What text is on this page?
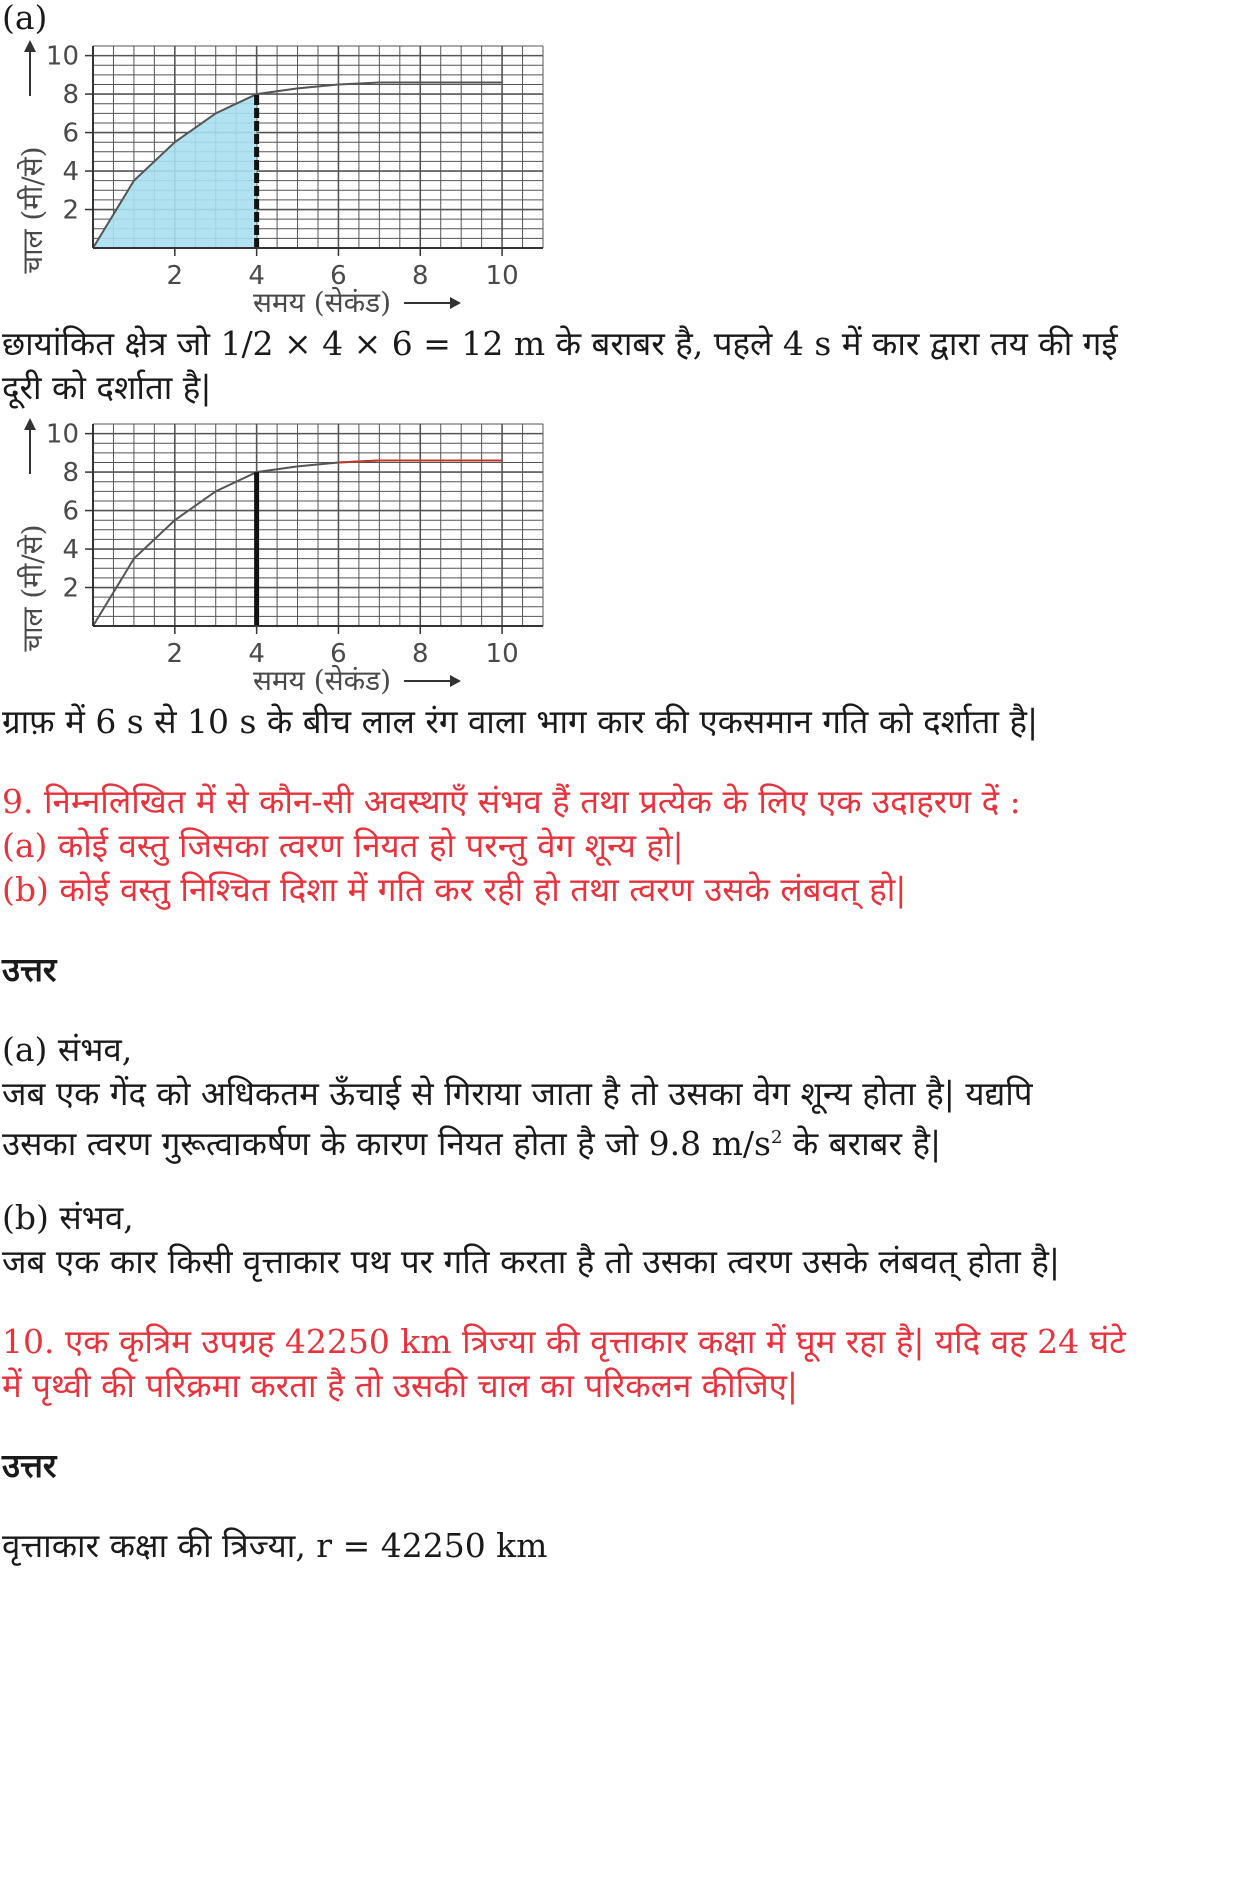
(a)
2
4
6
8
10
2	4	6	8 10
समय (सेकंड)
चाल (मी/से)
छायांकित क्षेत्र जो 1/2 × 4 × 6 = 12 m के बराबर है, पहले 4 s में कार द्वारा तय की गई
दूरी को दर्शाता है|
2
4
6
8
10
2	4	6	8 10
समय (सेकंड)
चाल (मी/से)
ग्राफ़ में 6 s से 10 s के बीच लाल रंग वाला भाग कार की एकसमान गति को दर्शाता है|
9. निम्नलिखित में से कौन-सी अवस्थाएँ संभव हैं तथा प्रत्येक के लिए एक उदाहरण दें :
(a) कोई वस्तु जिसका त्वरण नियत हो परन्तु वेग शून्य हो|
(b) कोई वस्तु निश्चित दिशा में गति कर रही हो तथा त्वरण उसके लंबवत् हो|
उत्तर
(a) संभव,
जब एक गेंद को अधिकतम ऊँचाई से गिराया जाता है तो उसका वेग शून्य होता है| यद्यपि
उसका त्वरण गुरूत्वाकर्षण के कारण नियत होता है जो 9.8 $m/s^2$ के बराबर है|
(b) संभव,
जब एक कार किसी वृत्ताकार पथ पर गति करता है तो उसका त्वरण उसके लंबवत् होता है|
10. एक कृत्रिम उपग्रह 42250 km त्रिज्या की वृत्ताकार कक्षा में घूम रहा है| यदि वह 24 घंटे
में पृथ्वी की परिक्रमा करता है तो उसकी चाल का परिकलन कीजिए|
उत्तर
वृत्ताकार कक्षा की त्रिज्या, r = 42250 km
